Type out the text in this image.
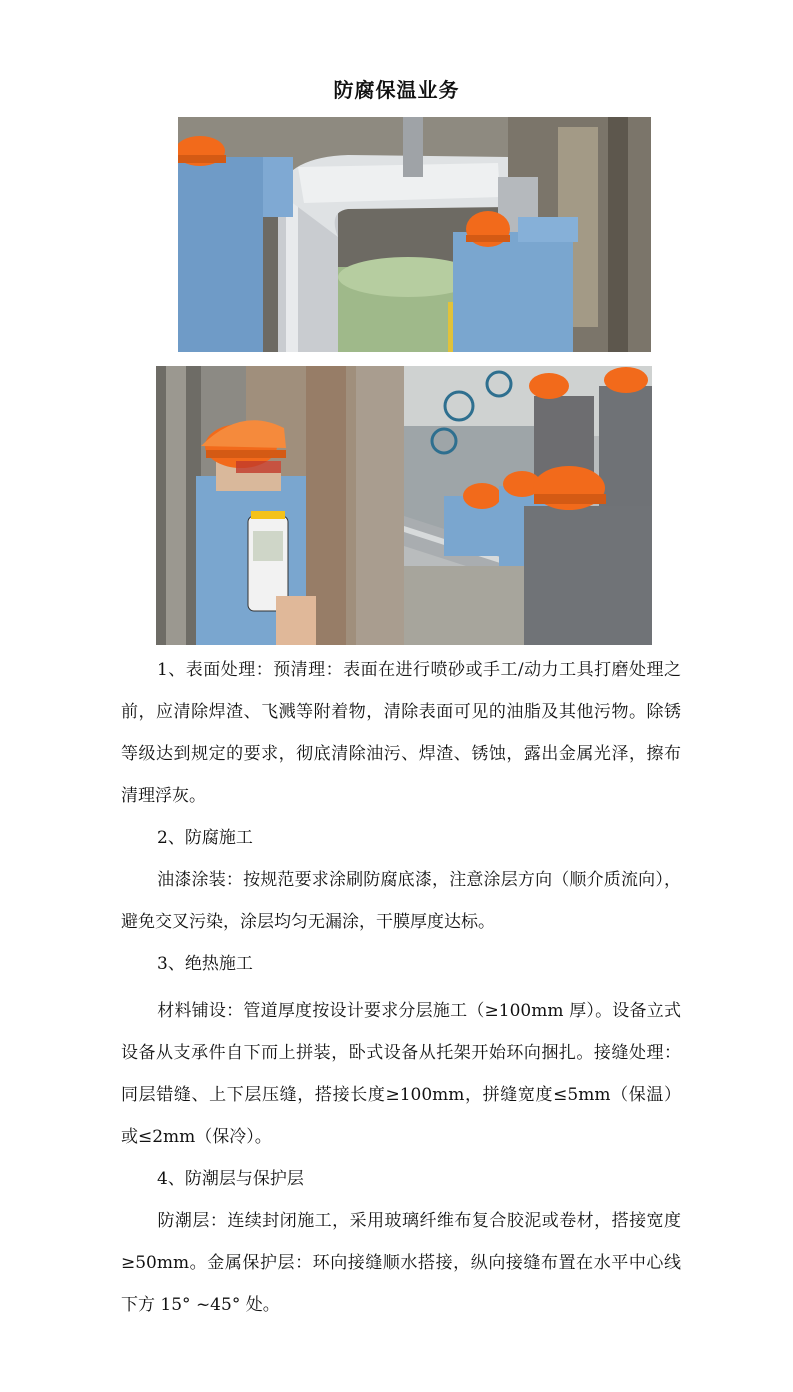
防腐保温业务
1、表面处理：预清理：表面在进行喷砂或手工/动力工具打磨处理之前，应清除焊渣、飞溅等附着物，清除表面可见的油脂及其他污物。除锈等级达到规定的要求，彻底清除油污、焊渣、锈蚀，露出金属光泽，擦布清理浮灰。
2、防腐施工
油漆涂装：按规范要求涂刷防腐底漆，注意涂层方向（顺介质流向），避免交叉污染，涂层均匀无漏涂，干膜厚度达标。
3、绝热施工
材料铺设：管道厚度按设计要求分层施工（≥100mm 厚）。设备立式设备从支承件自下而上拼装，卧式设备从托架开始环向捆扎。接缝处理：同层错缝、上下层压缝，搭接长度≥100mm，拼缝宽度≤5mm（保温）或≤2mm（保冷）。
4、防潮层与保护层
防潮层：连续封闭施工，采用玻璃纤维布复合胶泥或卷材，搭接宽度≥50mm。金属保护层：环向接缝顺水搭接，纵向接缝布置在水平中心线下方 15° ~45° 处。
